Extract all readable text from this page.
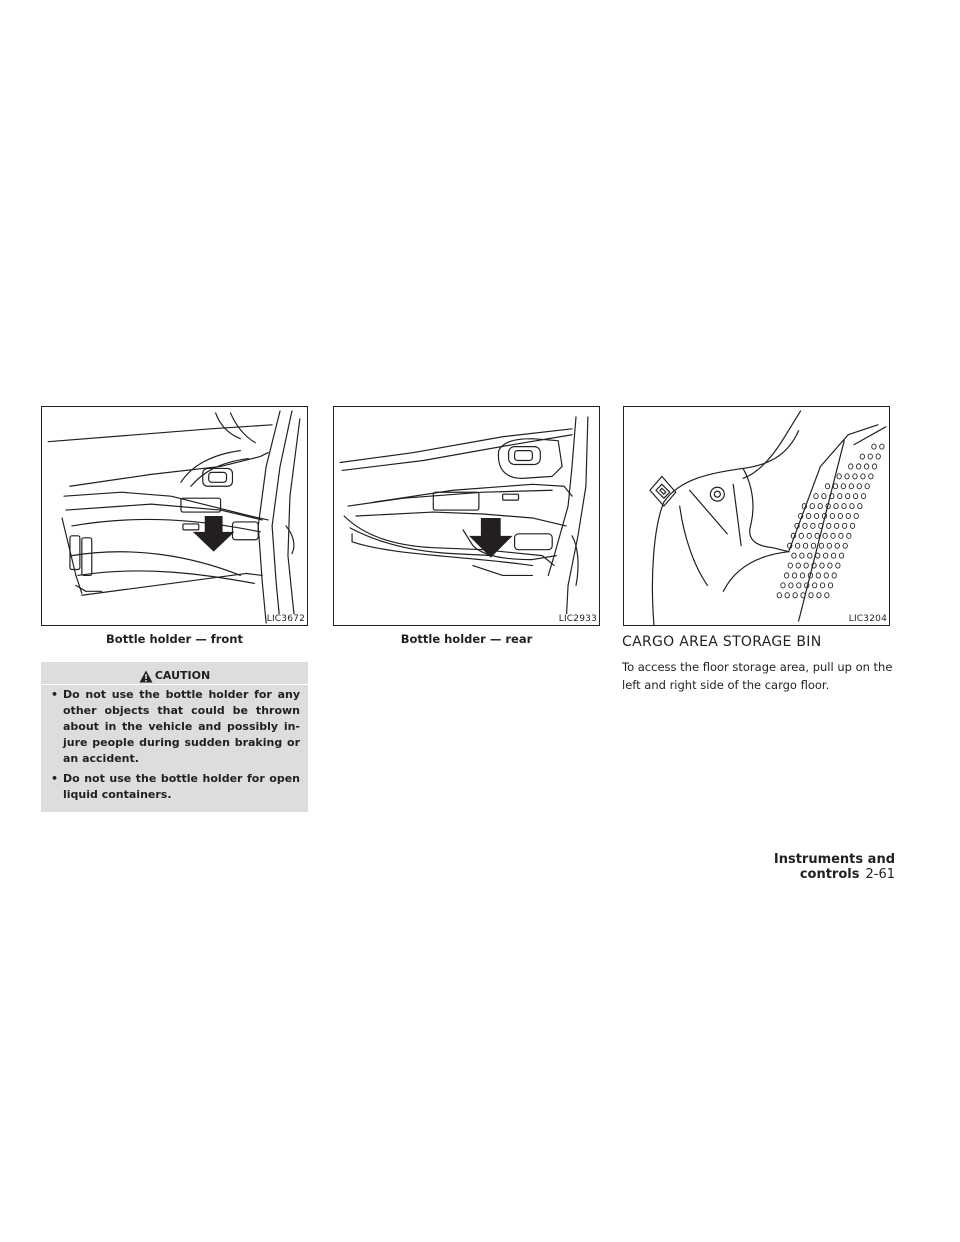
LIC3672
Bottle holder — front
LIC2933
Bottle holder — rear
LIC3204
CAUTION
• Do not use the bottle holder for any other objects that could be thrown about in the vehicle and possibly in-jure people during sudden braking or an accident.
• Do not use the bottle holder for open liquid containers.
CARGO AREA STORAGE BIN
To access the floor storage area, pull up on the left and right side of the cargo floor.
Instruments and controls 2-61
